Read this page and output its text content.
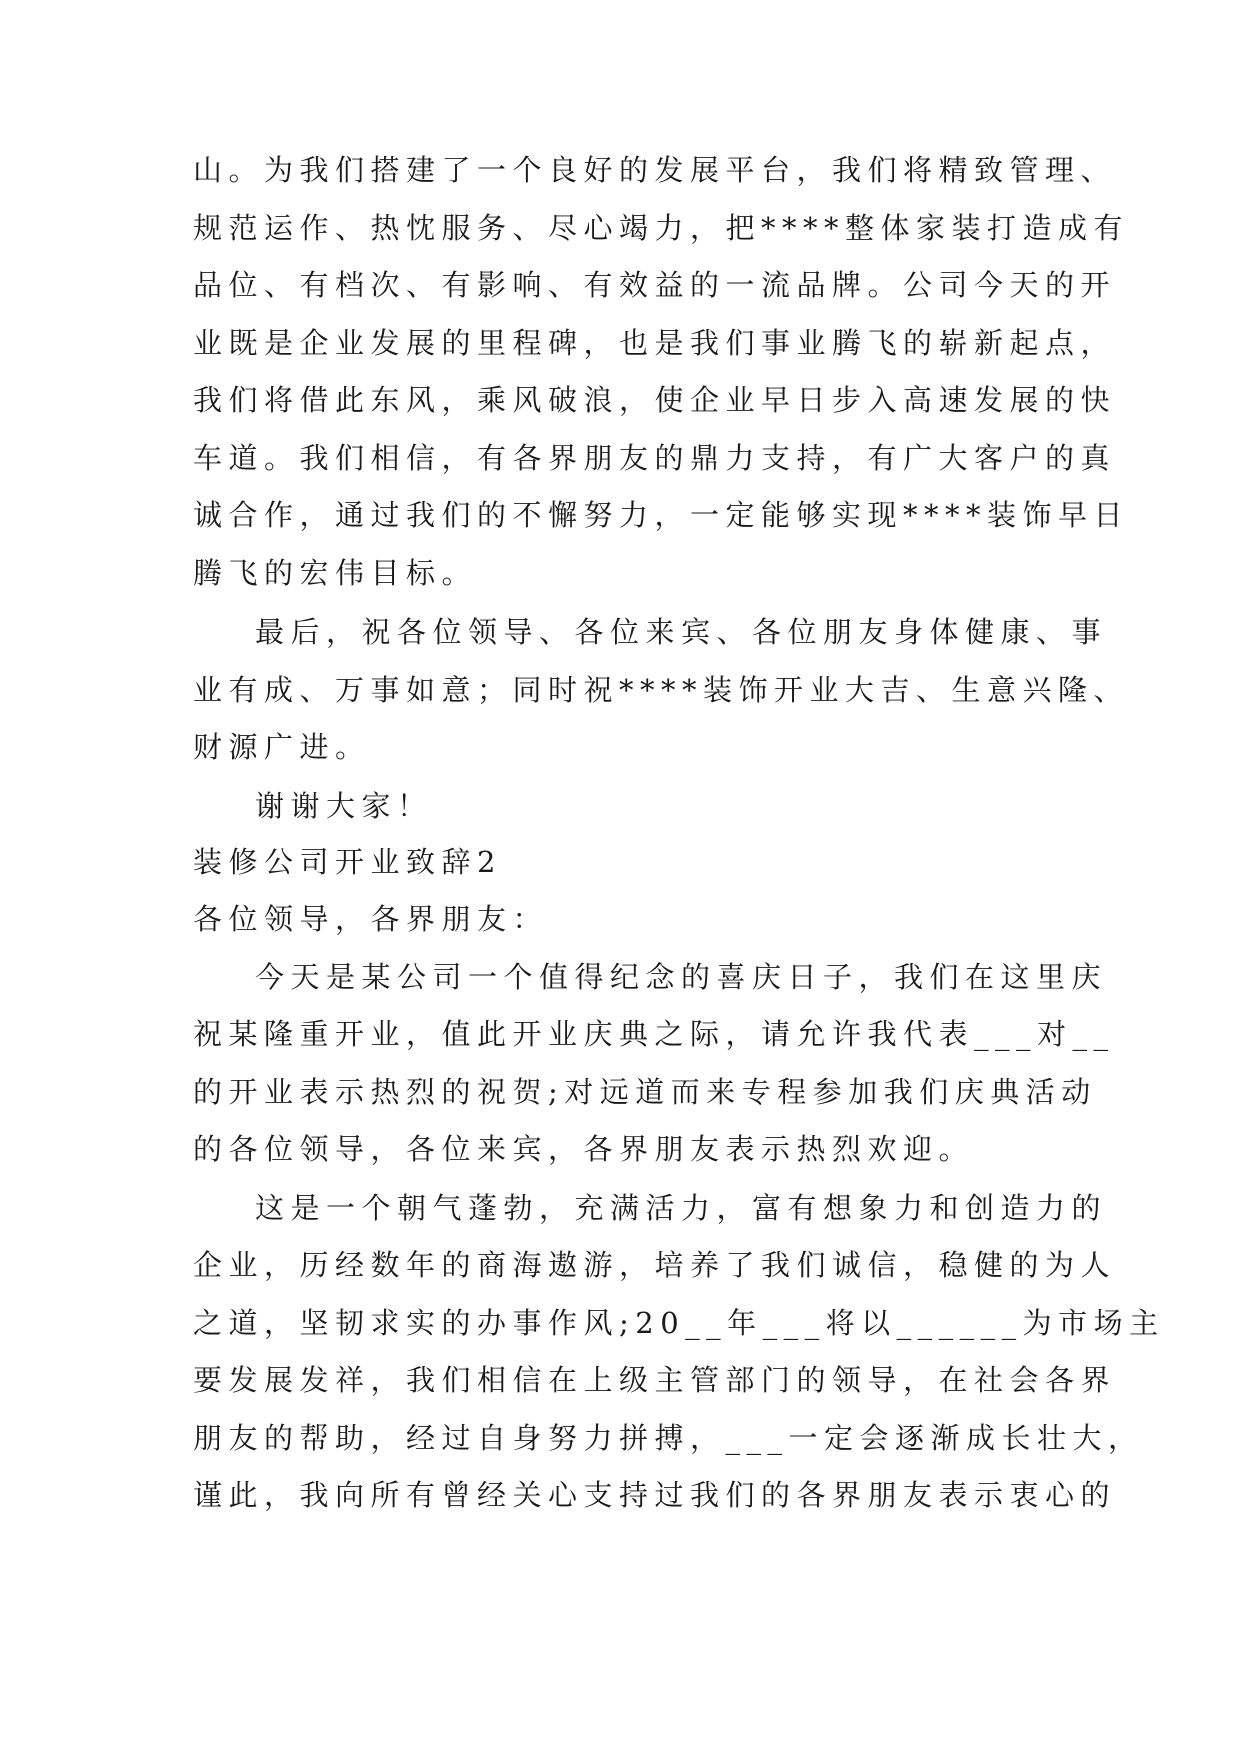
山。为我们搭建了一个良好的发展平台，我们将精致管理、
规范运作、热忱服务、尽心竭力，把****整体家装打造成有
品位、有档次、有影响、有效益的一流品牌。公司今天的开
业既是企业发展的里程碑，也是我们事业腾飞的崭新起点，
我们将借此东风，乘风破浪，使企业早日步入高速发展的快
车道。我们相信，有各界朋友的鼎力支持，有广大客户的真
诚合作，通过我们的不懈努力，一定能够实现****装饰早日
腾飞的宏伟目标。
最后，祝各位领导、各位来宾、各位朋友身体健康、事
业有成、万事如意；同时祝****装饰开业大吉、生意兴隆、
财源广进。
谢谢大家！
装修公司开业致辞2
各位领导，各界朋友：
今天是某公司一个值得纪念的喜庆日子，我们在这里庆
祝某隆重开业，值此开业庆典之际，请允许我代表___对__
的开业表示热烈的祝贺;对远道而来专程参加我们庆典活动
的各位领导，各位来宾，各界朋友表示热烈欢迎。
这是一个朝气蓬勃，充满活力，富有想象力和创造力的
企业，历经数年的商海遨游，培养了我们诚信，稳健的为人
之道，坚韧求实的办事作风;20__年___将以______为市场主
要发展发祥，我们相信在上级主管部门的领导，在社会各界
朋友的帮助，经过自身努力拼搏，___一定会逐渐成长壮大，
谨此，我向所有曾经关心支持过我们的各界朋友表示衷心的
